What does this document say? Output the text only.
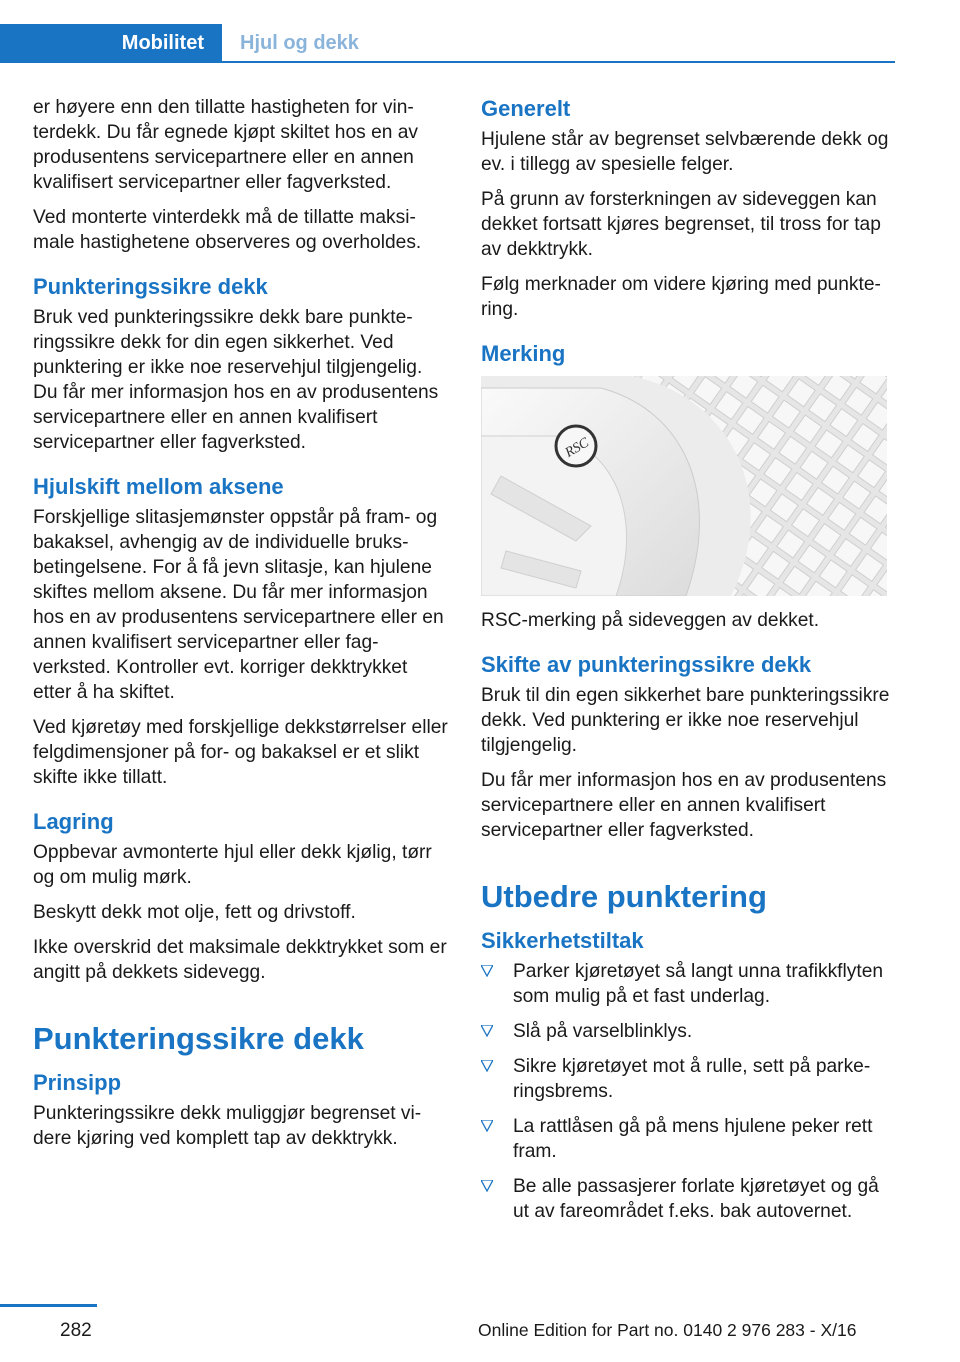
Mobilitet Hjul og dekk

er høyere enn den tillatte hastigheten for vinterdekk. Du får egnede kjøpt skiltet hos en av produsentens servicepartnere eller en annen kvalifisert servicepartner eller fagverksted.

Ved monterte vinterdekk må de tillatte maksimale hastighetene observeres og overholdes.

Punkteringssikre dekk

Bruk ved punkteringssikre dekk bare punkteringssikre dekk for din egen sikkerhet. Ved punktering er ikke noe reservehjul tilgjengelig. Du får mer informasjon hos en av produsentens servicepartnere eller en annen kvalifisert servicepartner eller fagverksted.

Hjulskift mellom aksene

Forskjellige slitasjemønster oppstår på fram- og bakaksel, avhengig av de individuelle bruksbetingelsene. For å få jevn slitasje, kan hjulene skiftes mellom aksene. Du får mer informasjon hos en av produsentens servicepartnere eller en annen kvalifisert servicepartner eller fagverksted. Kontroller evt. korriger dekktrykket etter å ha skiftet.

Ved kjøretøy med forskjellige dekkstørrelser eller felgdimensjoner på for- og bakaksel er et slikt skifte ikke tillatt.

Lagring

Oppbevar avmonterte hjul eller dekk kjølig, tørr og om mulig mørk.

Beskytt dekk mot olje, fett og drivstoff.

Ikke overskrid det maksimale dekktrykket som er angitt på dekkets sidevegg.

Punkteringssikre dekk
Prinsipp

Punkteringssikre dekk muliggjør begrenset videre kjøring ved komplett tap av dekktrykk.

Generelt

Hjulene står av begrenset selvbærende dekk og ev. i tillegg av spesielle felger.

På grunn av forsterkningen av sideveggen kan dekket fortsatt kjøres begrenset, til tross for tap av dekktrykk.

Følg merknader om videre kjøring med punktering.

Merking
RSC

RSC-merking på sideveggen av dekket.

Skifte av punkteringssikre dekk

Bruk til din egen sikkerhet bare punkteringssikre dekk. Ved punktering er ikke noe reservehjul tilgjengelig.

Du får mer informasjon hos en av produsentens servicepartnere eller en annen kvalifisert servicepartner eller fagverksted.

Utbedre punktering
Sikkerhetstiltak
Parker kjøretøyet så langt unna trafikkflyten som mulig på et fast underlag.
Slå på varselblinklys.
Sikre kjøretøyet mot å rulle, sett på parkeringsbrems.
La rattlåsen gå på mens hjulene peker rett fram.
Be alle passasjerer forlate kjøretøyet og gå ut av fareområdet f.eks. bak autovernet.
282	Online Edition for Part no. 0140 2 976 283 - X/16
